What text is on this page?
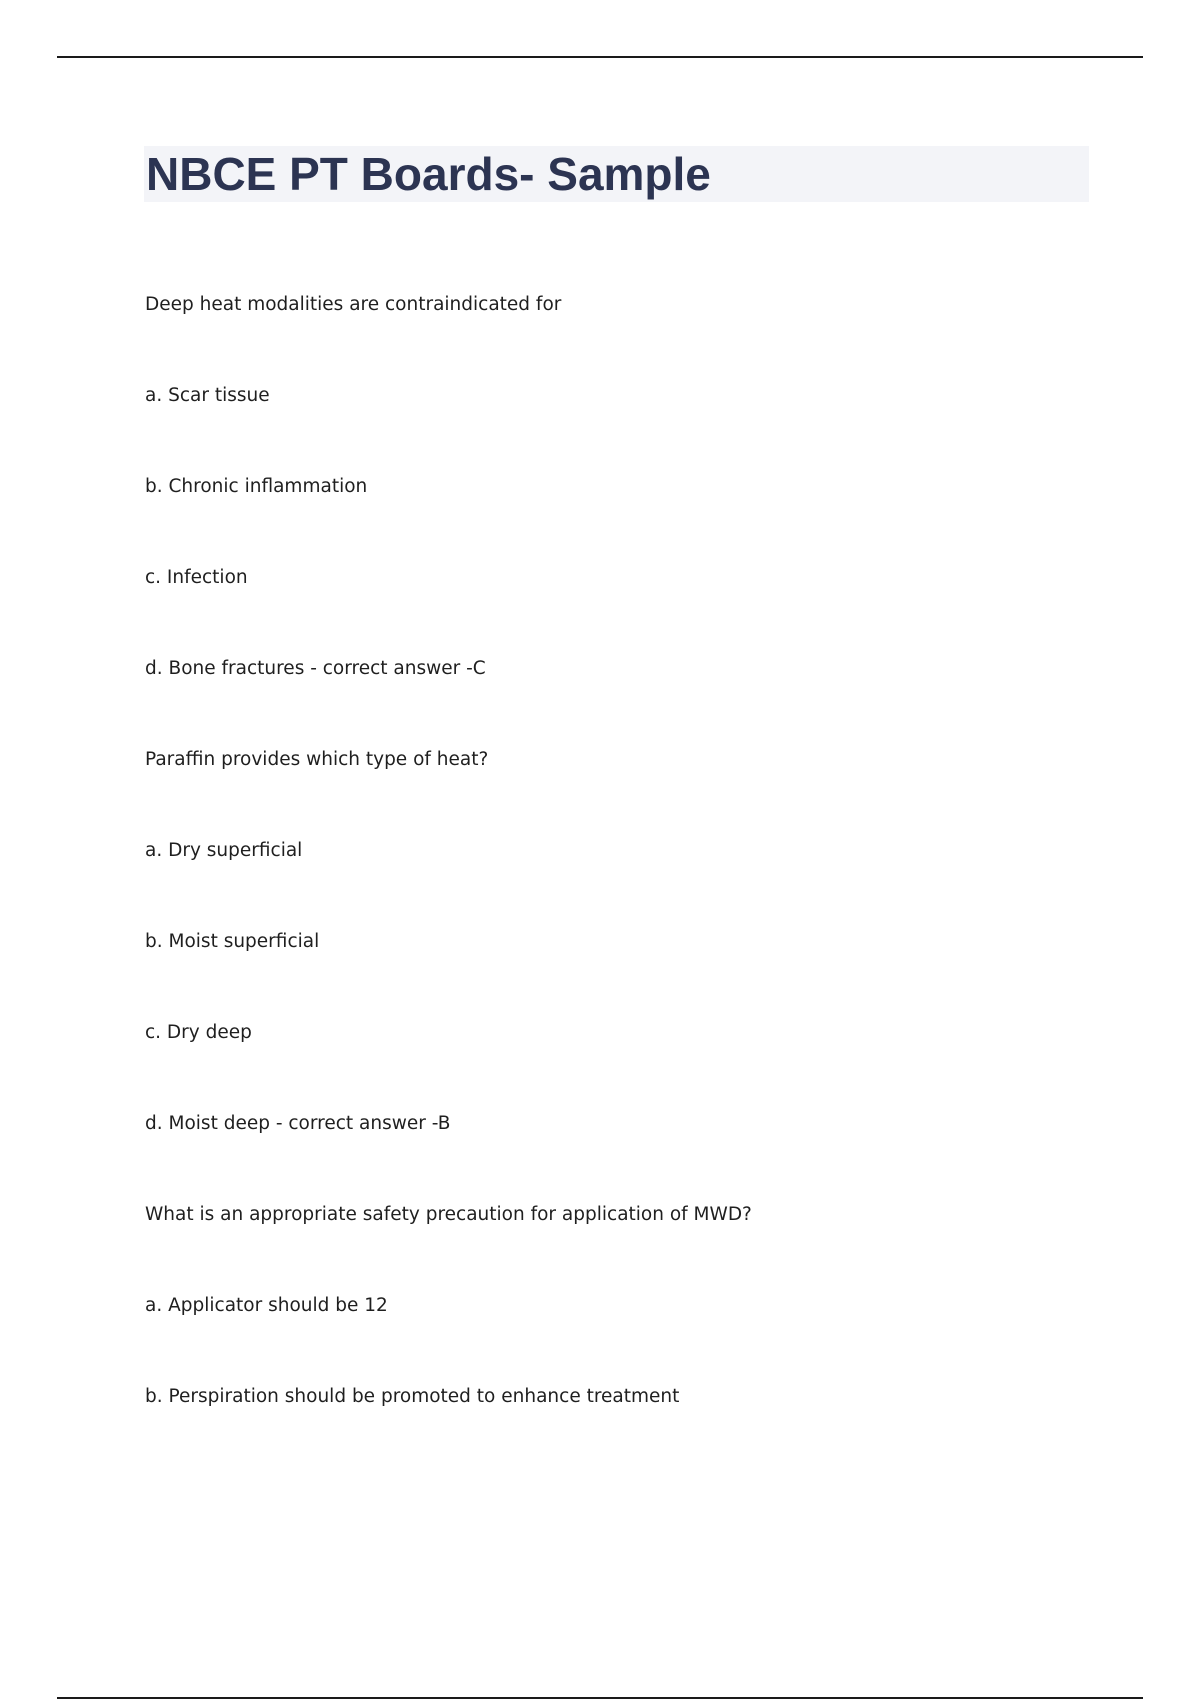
NBCE PT Boards- Sample
Deep heat modalities are contraindicated for
a. Scar tissue
b. Chronic inflammation
c. Infection
d. Bone fractures - correct answer -C
Paraffin provides which type of heat?
a. Dry superficial
b. Moist superficial
c. Dry deep
d. Moist deep - correct answer -B
What is an appropriate safety precaution for application of MWD?
a. Applicator should be 12
b. Perspiration should be promoted to enhance treatment
